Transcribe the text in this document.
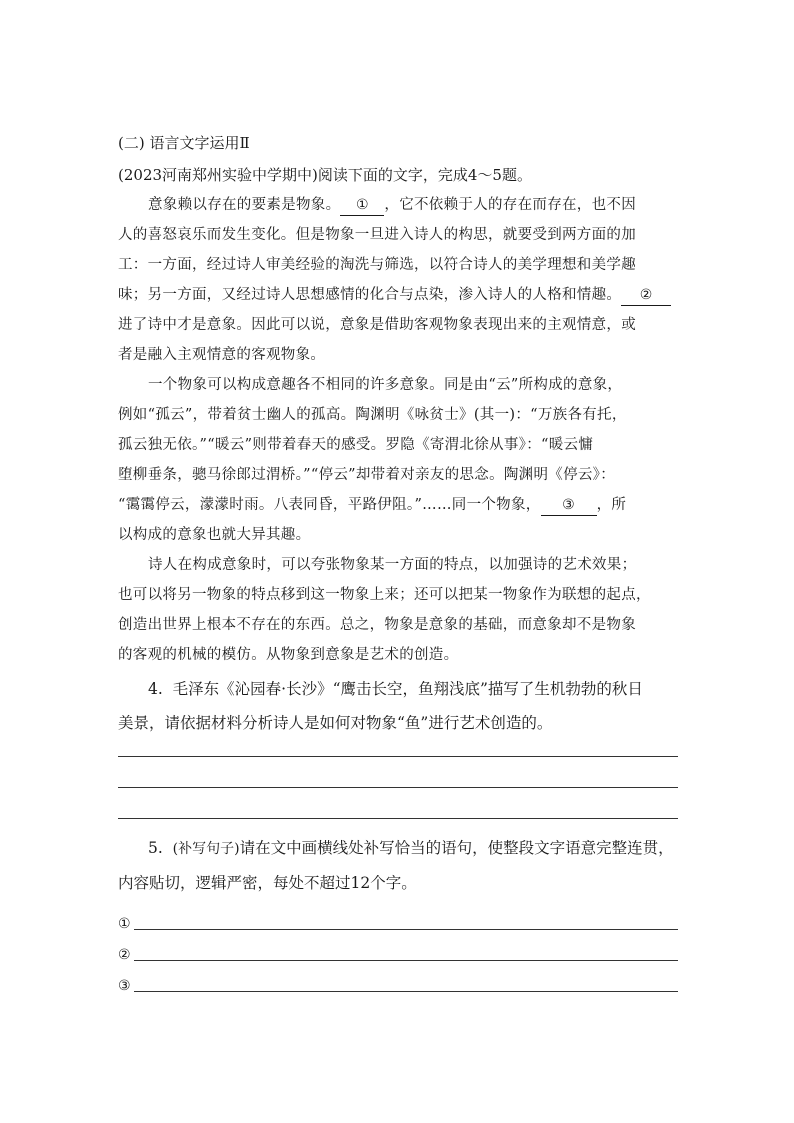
(二) 语言文字运用Ⅱ
(2023河南郑州实验中学期中)阅读下面的文字，完成4～5题。
意象赖以存在的要素是物象。 ① ，它不依赖于人的存在而存在，也不因
人的喜怒哀乐而发生变化。但是物象一旦进入诗人的构思，就要受到两方面的加
工：一方面，经过诗人审美经验的淘洗与筛选，以符合诗人的美学理想和美学趣
味；另一方面，又经过诗人思想感情的化合与点染，渗入诗人的人格和情趣。 ②
进了诗中才是意象。因此可以说，意象是借助客观物象表现出来的主观情意，或
者是融入主观情意的客观物象。
一个物象可以构成意趣各不相同的许多意象。同是由“云”所构成的意象，
例如“孤云”，带着贫士幽人的孤高。陶渊明《咏贫士》(其一)：“万族各有托，
孤云独无依。”“暖云”则带着春天的感受。罗隐《寄渭北徐从事》：“暖云慵
堕柳垂条，骢马徐郎过渭桥。”“停云”却带着对亲友的思念。陶渊明《停云》：
“霭霭停云，濛濛时雨。八表同昏，平路伊阻。”……同一个物象， ③ ，所
以构成的意象也就大异其趣。
诗人在构成意象时，可以夸张物象某一方面的特点，以加强诗的艺术效果；
也可以将另一物象的特点移到这一物象上来；还可以把某一物象作为联想的起点，
创造出世界上根本不存在的东西。总之，物象是意象的基础，而意象却不是物象
的客观的机械的模仿。从物象到意象是艺术的创造。
4. 毛泽东《沁园春·长沙》“鹰击长空，鱼翔浅底”描写了生机勃勃的秋日
美景，请依据材料分析诗人是如何对物象“鱼”进行艺术创造的。
5. (补写句子)请在文中画横线处补写恰当的语句，使整段文字语意完整连贯，
内容贴切，逻辑严密，每处不超过12个字。
①
②
③
